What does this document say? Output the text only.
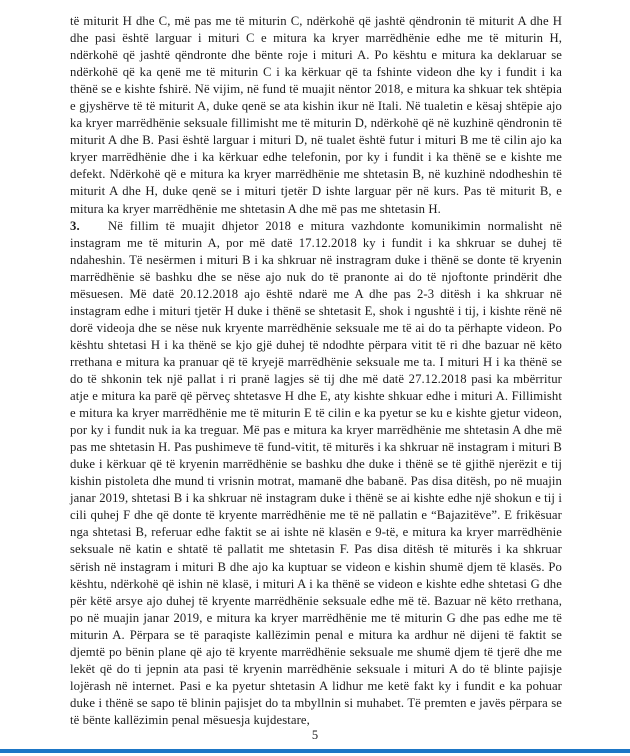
të miturit H dhe C, më pas me të miturin C, ndërkohë që jashtë qëndronin të miturit A dhe H dhe pasi është larguar i mituri C e mitura ka kryer marrëdhënie edhe me të miturin H, ndërkohë që jashtë qëndronte dhe bënte roje i mituri A. Po kështu e mitura ka deklaruar se ndërkohë që ka qenë me të miturin C i ka kërkuar që ta fshinte videon dhe ky i fundit i ka thënë se e kishte fshirë. Në vijim, në fund të muajit nëntor 2018, e mitura ka shkuar tek shtëpia e gjyshërve të të miturit A, duke qenë se ata kishin ikur në Itali. Në tualetin e kësaj shtëpie ajo ka kryer marrëdhënie seksuale fillimisht me të miturin D, ndërkohë që në kuzhinë qëndronin të miturit A dhe B. Pasi është larguar i mituri D, në tualet është futur i mituri B me të cilin ajo ka kryer marrëdhënie dhe i ka kërkuar edhe telefonin, por ky i fundit i ka thënë se e kishte me defekt. Ndërkohë që e mitura ka kryer marrëdhënie me shtetasin B, në kuzhinë ndodheshin të miturit A dhe H, duke qenë se i mituri tjetër D ishte larguar për në kurs. Pas të miturit B, e mitura ka kryer marrëdhënie me shtetasin A dhe më pas me shtetasin H.

3. Në fillim të muajit dhjetor 2018 e mitura vazhdonte komunikimin normalisht në instagram me të miturin A, por më datë 17.12.2018 ky i fundit i ka shkruar se duhej të ndaheshin. Të nesërmen i mituri B i ka shkruar në instragram duke i thënë se donte të kryenin marrëdhënie së bashku dhe se nëse ajo nuk do të pranonte ai do të njoftonte prindërit dhe mësuesen. Më datë 20.12.2018 ajo është ndarë me A dhe pas 2-3 ditësh i ka shkruar në instagram edhe i mituri tjetër H duke i thënë se shtetasit E, shok i ngushtë i tij, i kishte rënë në dorë videoja dhe se nëse nuk kryente marrëdhënie seksuale me të ai do ta përhapte videon. Po kështu shtetasi H i ka thënë se kjo gjë duhej të ndodhte përpara vitit të ri dhe bazuar në këto rrethana e mitura ka pranuar që të kryejë marrëdhënie seksuale me ta. I mituri H i ka thënë se do të shkonin tek një pallat i ri pranë lagjes së tij dhe më datë 27.12.2018 pasi ka mbërritur atje e mitura ka parë që përveç shtetasve H dhe E, aty kishte shkuar edhe i mituri A. Fillimisht e mitura ka kryer marrëdhënie me të miturin E të cilin e ka pyetur se ku e kishte gjetur videon, por ky i fundit nuk ia ka treguar. Më pas e mitura ka kryer marrëdhënie me shtetasin A dhe më pas me shtetasin H. Pas pushimeve të fund-vitit, të miturës i ka shkruar në instagram i mituri B duke i kërkuar që të kryenin marrëdhënie se bashku dhe duke i thënë se të gjithë njerëzit e tij kishin pistoleta dhe mund ti vrisnin motrat, mamanë dhe babanë. Pas disa ditësh, po në muajin janar 2019, shtetasi B i ka shkruar në instagram duke i thënë se ai kishte edhe një shokun e tij i cili quhej F dhe që donte të kryente marrëdhënie me të në pallatin e “Bajazitëve”. E frikësuar nga shtetasi B, referuar edhe faktit se ai ishte në klasën e 9-të, e mitura ka kryer marrëdhënie seksuale në katin e shtatë të pallatit me shtetasin F. Pas disa ditësh të miturës i ka shkruar sërish në instagram i mituri B dhe ajo ka kuptuar se videon e kishin shumë djem të klasës. Po kështu, ndërkohë që ishin në klasë, i mituri A i ka thënë se videon e kishte edhe shtetasi G dhe për këtë arsye ajo duhej të kryente marrëdhënie seksuale edhe më të. Bazuar në këto rrethana, po në muajin janar 2019, e mitura ka kryer marrëdhënie me të miturin G dhe pas edhe me të miturin A. Përpara se të paraqiste kallëzimin penal e mitura ka ardhur në dijeni të faktit se djemtë po bënin plane që ajo të kryente marrëdhënie seksuale me shumë djem të tjerë dhe me lekët që do ti jepnin ata pasi të kryenin marrëdhënie seksuale i mituri A do të blinte pajisje lojërash në internet. Pasi e ka pyetur shtetasin A lidhur me ketë fakt ky i fundit e ka pohuar duke i thënë se sapo të blinin pajisjet do ta mbyllnin si muhabet. Të premten e javës përpara se të bënte kallëzimin penal mësuesja kujdestare,

5
